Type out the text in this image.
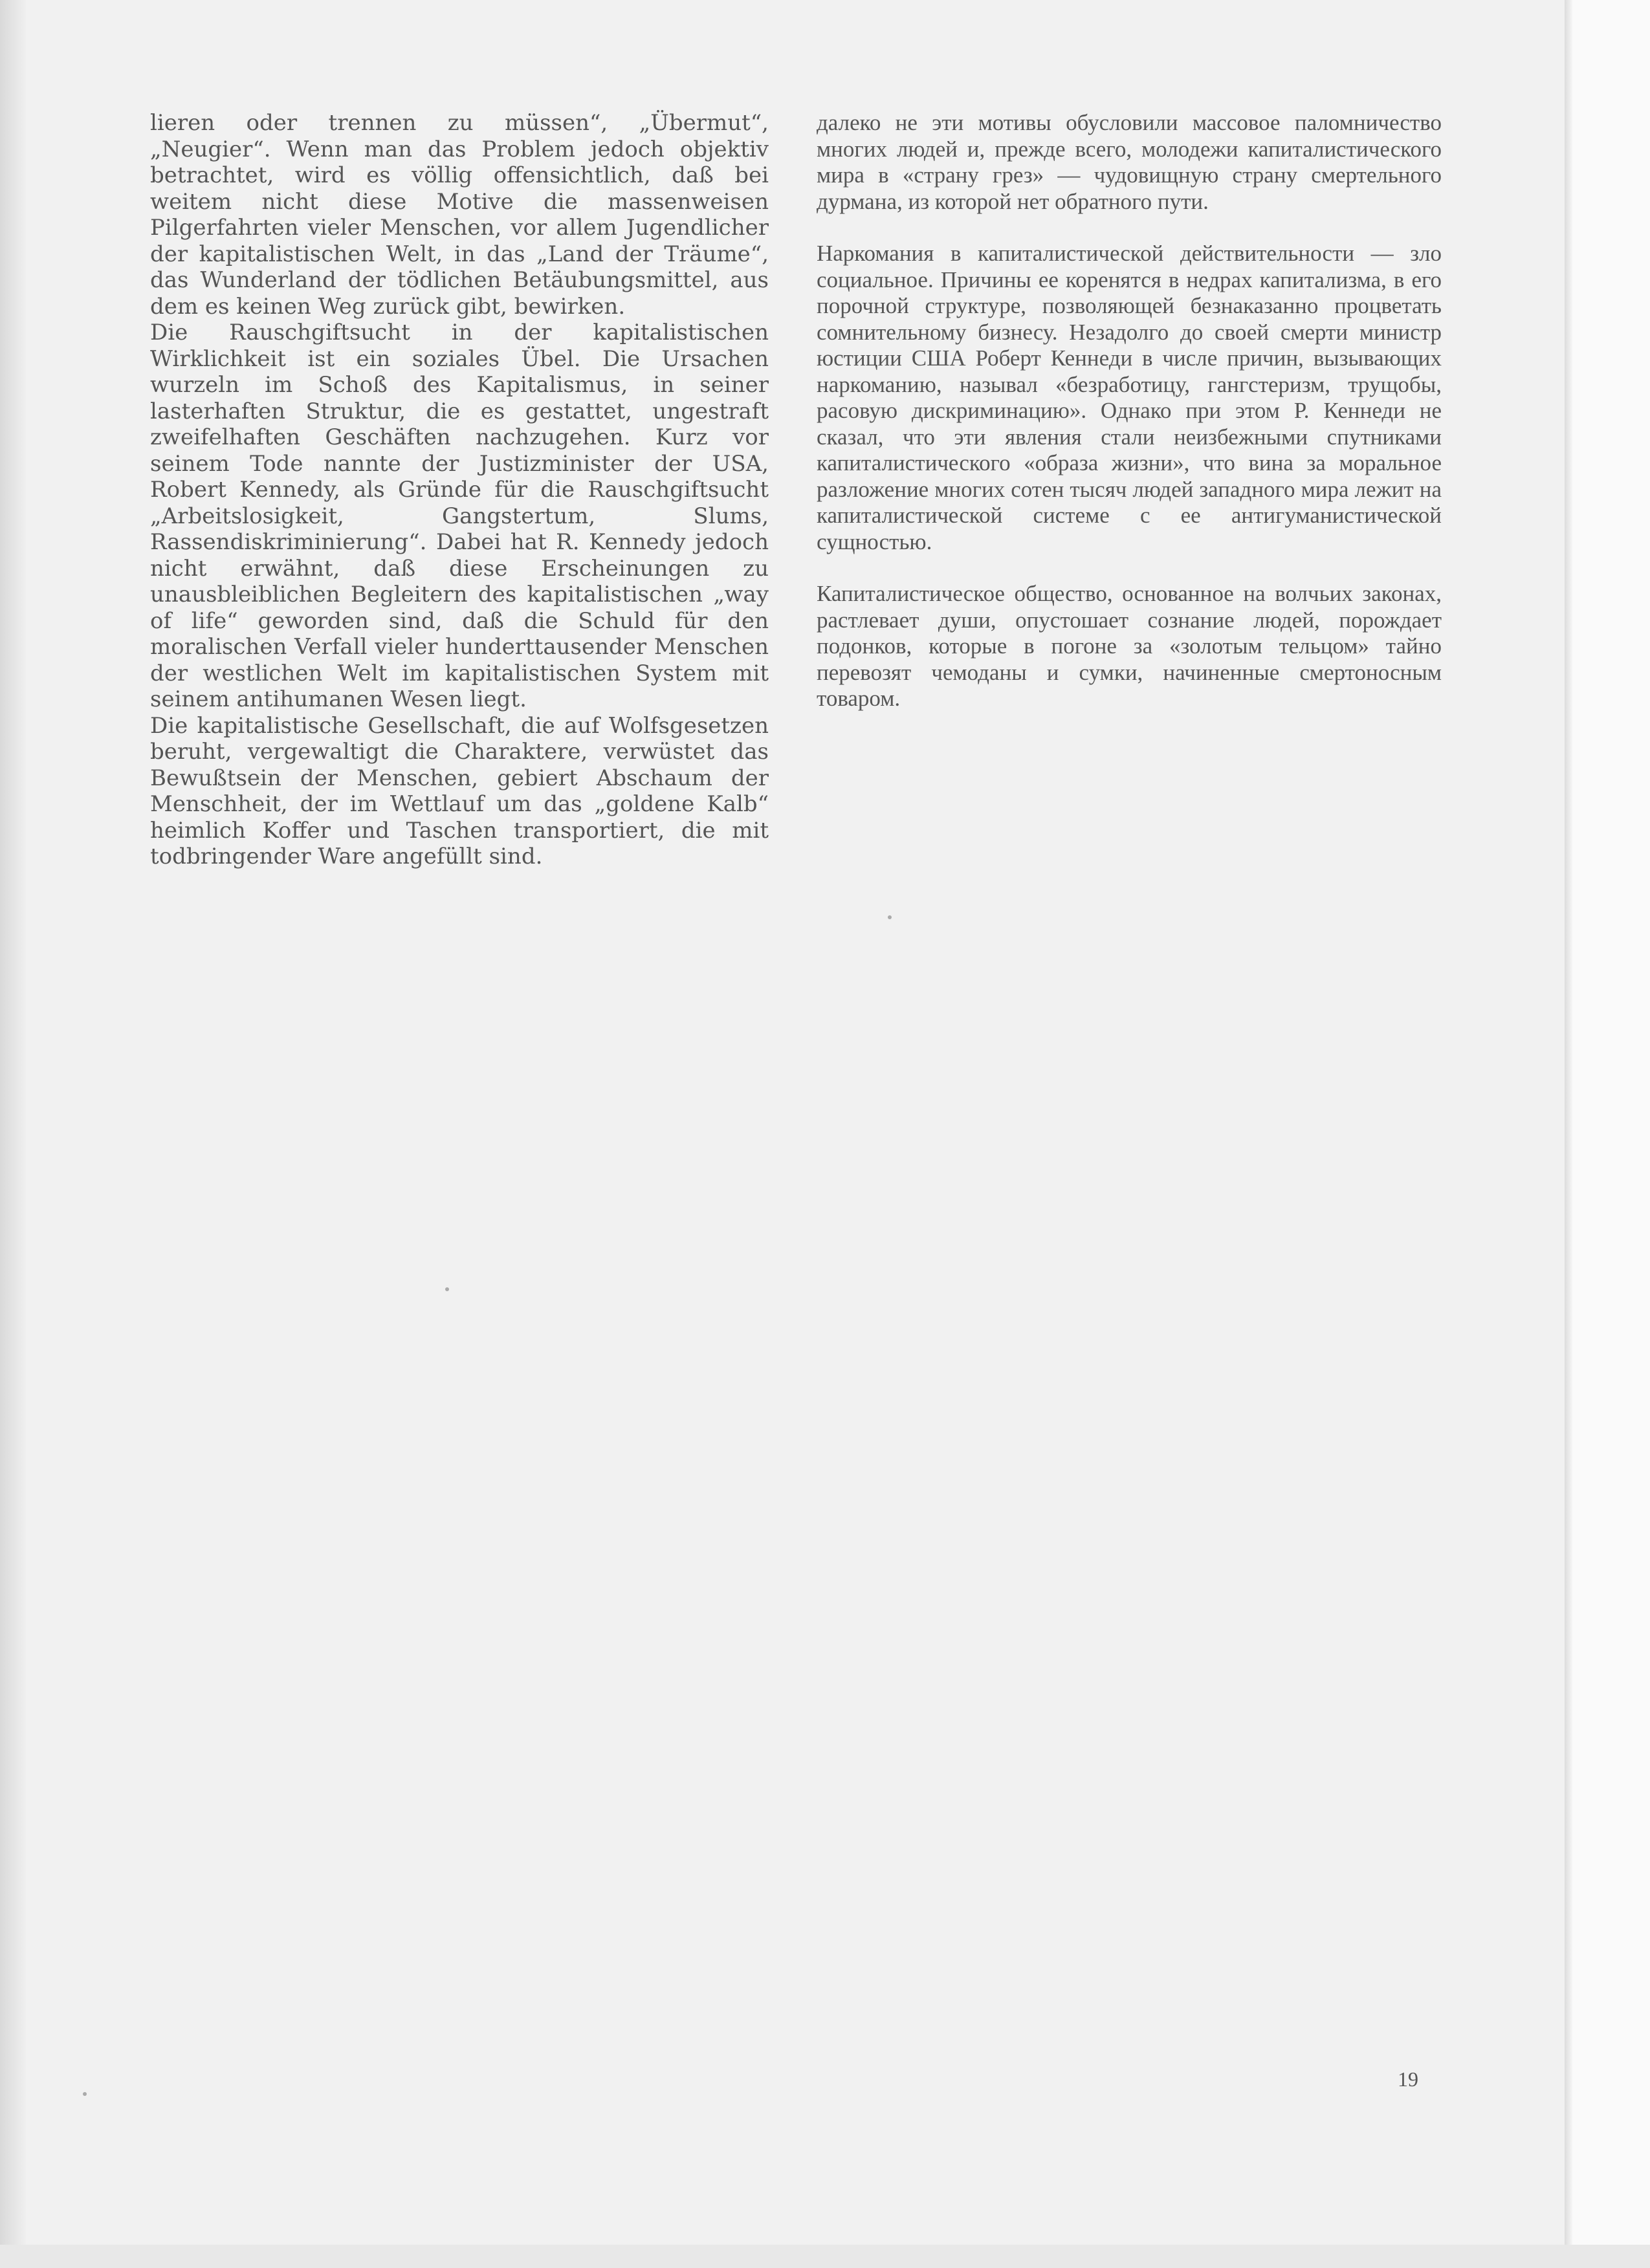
lieren oder trennen zu müssen“, „Übermut“, „Neugier“. Wenn man das Problem jedoch objektiv betrachtet, wird es völlig offensichtlich, daß bei weitem nicht diese Motive die massenweisen Pilgerfahrten vieler Menschen, vor allem Jugendlicher der kapitalistischen Welt, in das „Land der Träume“, das Wunderland der tödlichen Betäubungsmittel, aus dem es keinen Weg zurück gibt, bewirken.

Die Rauschgiftsucht in der kapitalistischen Wirklichkeit ist ein soziales Übel. Die Ursachen wurzeln im Schoß des Kapitalismus, in seiner lasterhaften Struktur, die es gestattet, ungestraft zweifelhaften Geschäften nachzugehen. Kurz vor seinem Tode nannte der Justizminister der USA, Robert Kennedy, als Gründe für die Rauschgiftsucht „Arbeitslosigkeit, Gangstertum, Slums, Rassendiskriminierung“. Dabei hat R. Kennedy jedoch nicht erwähnt, daß diese Erscheinungen zu unausbleiblichen Begleitern des kapitalistischen „way of life“ geworden sind, daß die Schuld für den moralischen Verfall vieler hunderttausender Menschen der westlichen Welt im kapitalistischen System mit seinem antihumanen Wesen liegt.

Die kapitalistische Gesellschaft, die auf Wolfsgesetzen beruht, vergewaltigt die Charaktere, verwüstet das Bewußtsein der Menschen, gebiert Abschaum der Menschheit, der im Wettlauf um das „goldene Kalb“ heimlich Koffer und Taschen transportiert, die mit todbringender Ware angefüllt sind.

далеко не эти мотивы обусловили массовое паломничество многих людей и, прежде всего, молодежи капиталистического мира в «страну грез» — чудовищную страну смертельного дурмана, из которой нет обратного пути.

Наркомания в капиталистической действительности — зло социальное. Причины ее коренятся в недрах капитализма, в его порочной структуре, позволяющей безнаказанно процветать сомнительному бизнесу. Незадолго до своей смерти министр юстиции США Роберт Кеннеди в числе причин, вызывающих наркоманию, называл «безработицу, гангстеризм, трущобы, расовую дискриминацию». Однако при этом Р. Кеннеди не сказал, что эти явления стали неизбежными спутниками капиталистического «образа жизни», что вина за моральное разложение многих сотен тысяч людей западного мира лежит на капиталистической системе с ее антигуманистической сущностью.

Капиталистическое общество, основанное на волчьих законах, растлевает души, опустошает сознание людей, порождает подонков, которые в погоне за «золотым тельцом» тайно перевозят чемоданы и сумки, начиненные смертоносным товаром.

19
